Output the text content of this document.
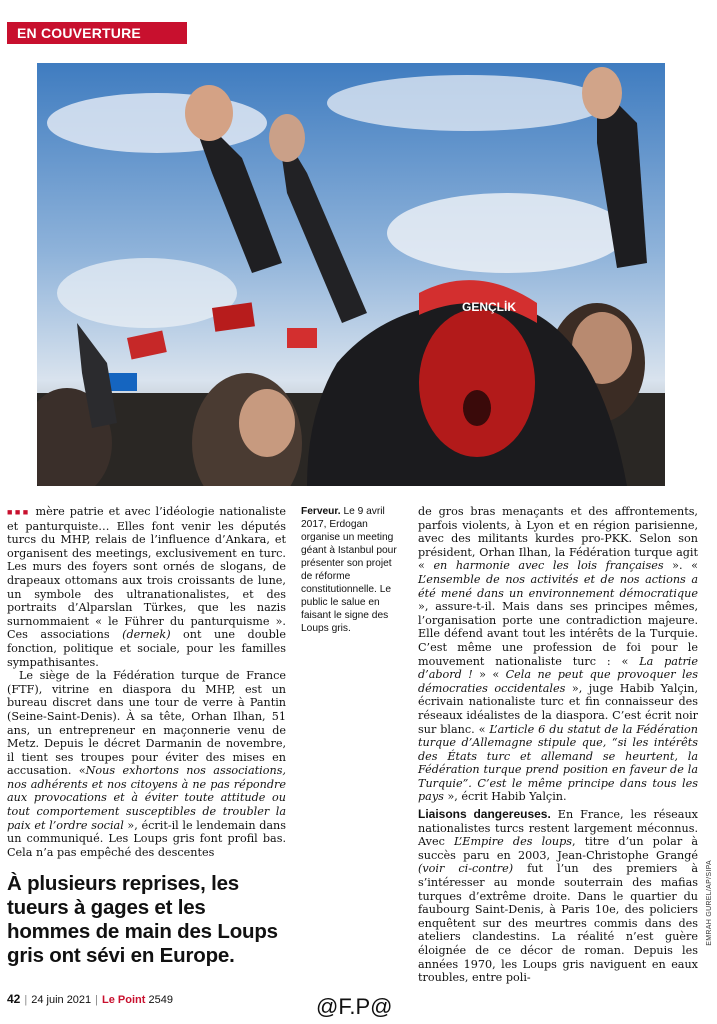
EN COUVERTURE
GENÇLİK
EMRAH GUREL/AP/SIPA

■■■ mère patrie et avec l’idéologie nationaliste et panturquiste… Elles font venir les députés turcs du MHP, relais de l’influence d’Ankara, et organisent des meetings, exclusivement en turc. Les murs des foyers sont ornés de slogans, de drapeaux ottomans aux trois croissants de lune, un symbole des ultranationalistes, et des portraits d’Alparslan Türkes, que les nazis surnommaient « le Führer du panturquisme ». Ces associations (dernek) ont une double fonction, politique et sociale, pour les familles sympathisantes.

Le siège de la Fédération turque de France (FTF), vitrine en diaspora du MHP, est un bureau discret dans une tour de verre à Pantin (Seine-Saint-Denis). À sa tête, Orhan Ilhan, 51 ans, un entrepreneur en maçonnerie venu de Metz. Depuis le décret Darmanin de novembre, il tient ses troupes pour éviter des mises en accusation. «Nous exhortons nos associations, nos adhérents et nos citoyens à ne pas répondre aux provocations et à éviter toute attitude ou tout comportement susceptibles de troubler la paix et l’ordre social », écrit-il le lendemain dans un communiqué. Les Loups gris font profil bas. Cela n’a pas empêché des descentes

Ferveur. Le 9 avril 2017, Erdogan organise un meeting géant à Istanbul pour présenter son projet de réforme constitutionnelle. Le public le salue en faisant le signe des Loups gris.

de gros bras menaçants et des affrontements, parfois violents, à Lyon et en région parisienne, avec des militants kurdes pro-PKK. Selon son président, Orhan Ilhan, la Fédération turque agit « en harmonie avec les lois françaises ». « L’ensemble de nos activités et de nos actions a été mené dans un environnement démocratique », assure-t-il. Mais dans ses principes mêmes, l’organisation porte une contradiction majeure. Elle défend avant tout les intérêts de la Turquie. C’est même une profession de foi pour le mouvement nationaliste turc : « La patrie d’abord ! » « Cela ne peut que provoquer les démocraties occidentales », juge Habib Yalçin, écrivain nationaliste turc et fin connaisseur des réseaux idéalistes de la diaspora. C’est écrit noir sur blanc. « L’article 6 du statut de la Fédération turque d’Allemagne stipule que, “si les intérêts des États turc et allemand se heurtent, la Fédération turque prend position en faveur de la Turquie”. C’est le même principe dans tous les pays », écrit Habib Yalçin.

Liaisons dangereuses. En France, les réseaux nationalistes turcs restent largement méconnus. Avec L’Empire des loups, titre d’un polar à succès paru en 2003, Jean-Christophe Grangé (voir ci-contre) fut l’un des premiers à s’intéresser au monde souterrain des mafias turques d’extrême droite. Dans le quartier du faubourg Saint-Denis, à Paris 10e, des policiers enquêtent sur des meurtres commis dans des ateliers clandestins. La réalité n’est guère éloignée de ce décor de roman. Depuis les années 1970, les Loups gris naviguent en eaux troubles, entre poli-

À plusieurs reprises, les tueurs à gages et les hommes de main des Loups gris ont sévi en Europe.
42 | 24 juin 2021 | Le Point 2549	@F.P@
